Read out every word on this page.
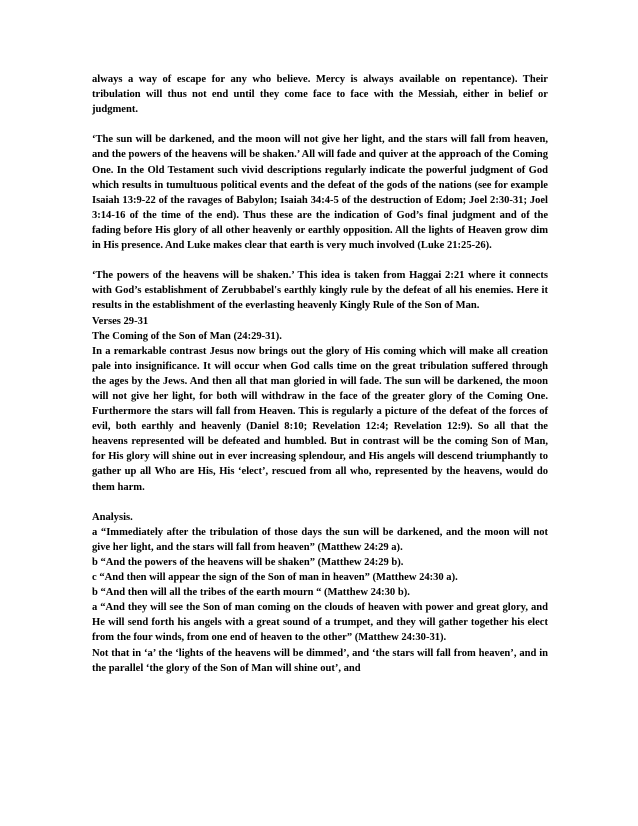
always a way of escape for any who believe. Mercy is always available on repentance). Their tribulation will thus not end until they come face to face with the Messiah, either in belief or judgment.

‘The sun will be darkened, and the moon will not give her light, and the stars will fall from heaven, and the powers of the heavens will be shaken.’ All will fade and quiver at the approach of the Coming One. In the Old Testament such vivid descriptions regularly indicate the powerful judgment of God which results in tumultuous political events and the defeat of the gods of the nations (see for example Isaiah 13:9-22 of the ravages of Babylon; Isaiah 34:4-5 of the destruction of Edom; Joel 2:30-31; Joel 3:14-16 of the time of the end). Thus these are the indication of God’s final judgment and of the fading before His glory of all other heavenly or earthly opposition. All the lights of Heaven grow dim in His presence. And Luke makes clear that earth is very much involved (Luke 21:25-26).

‘The powers of the heavens will be shaken.’ This idea is taken from Haggai 2:21 where it connects with God’s establishment of Zerubbabel's earthly kingly rule by the defeat of all his enemies. Here it results in the establishment of the everlasting heavenly Kingly Rule of the Son of Man.

Verses 29-31

The Coming of the Son of Man (24:29-31).

In a remarkable contrast Jesus now brings out the glory of His coming which will make all creation pale into insignificance. It will occur when God calls time on the great tribulation suffered through the ages by the Jews. And then all that man gloried in will fade. The sun will be darkened, the moon will not give her light, for both will withdraw in the face of the greater glory of the Coming One. Furthermore the stars will fall from Heaven. This is regularly a picture of the defeat of the forces of evil, both earthly and heavenly (Daniel 8:10; Revelation 12:4; Revelation 12:9). So all that the heavens represented will be defeated and humbled. But in contrast will be the coming Son of Man, for His glory will shine out in ever increasing splendour, and His angels will descend triumphantly to gather up all Who are His, His ‘elect’, rescued from all who, represented by the heavens, would do them harm.

Analysis.

a “Immediately after the tribulation of those days the sun will be darkened, and the moon will not give her light, and the stars will fall from heaven” (Matthew 24:29 a).

b “And the powers of the heavens will be shaken” (Matthew 24:29 b).

c “And then will appear the sign of the Son of man in heaven” (Matthew 24:30 a).

b “And then will all the tribes of the earth mourn “ (Matthew 24:30 b).

a “And they will see the Son of man coming on the clouds of heaven with power and great glory, and He will send forth his angels with a great sound of a trumpet, and they will gather together his elect from the four winds, from one end of heaven to the other” (Matthew 24:30-31).

Not that in ‘a’ the ‘lights of the heavens will be dimmed’, and ‘the stars will fall from heaven’, and in the parallel ‘the glory of the Son of Man will shine out’, and
